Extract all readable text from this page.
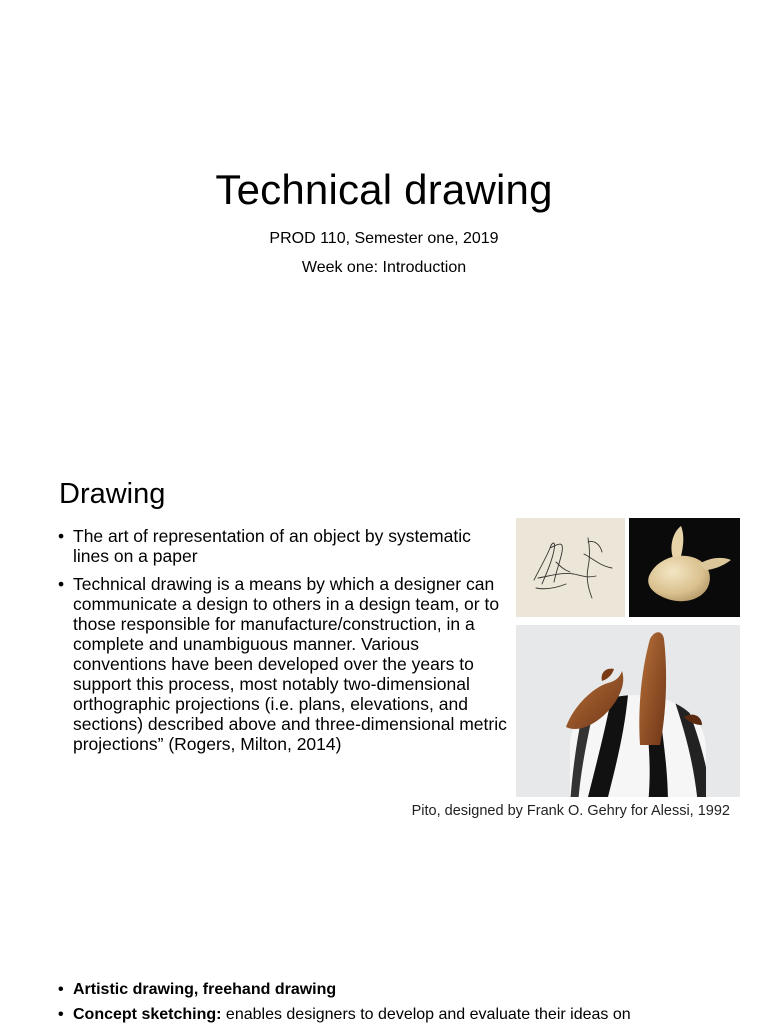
Technical drawing
PROD 110, Semester one, 2019
Week one: Introduction
Drawing
• The art of representation of an object by systematic lines on a paper
• Technical drawing is a means by which a designer can communicate a design to others in a design team, or to those responsible for manufacture/construction, in a complete and unambiguous manner. Various conventions have been developed over the years to support this process, most notably two-dimensional orthographic projections (i.e. plans, elevations, and sections) described above and three-dimensional metric projections” (Rogers, Milton, 2014)
Pito, designed by Frank O. Gehry for Alessi, 1992
• Artistic drawing, freehand drawing
• Concept sketching: enables designers to develop and evaluate their ideas on
